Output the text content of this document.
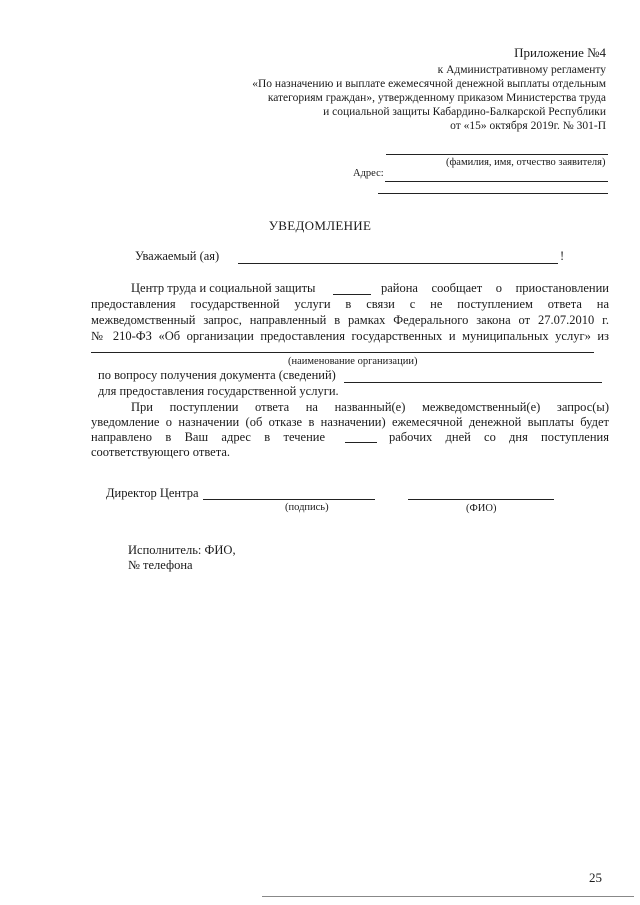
Приложение №4
к Административному регламенту
«По назначению и выплате ежемесячной денежной выплаты отдельным
категориям граждан», утвержденному приказом Министерства труда
и социальной защиты Кабардино-Балкарской Республики
от «15» октября 2019г. № 301-П
(фамилия, имя, отчество заявителя)
Адрес:
УВЕДОМЛЕНИЕ
Уважаемый (ая)	!
Центр труда и социальной защиты	района сообщает о приостановлении
предоставления государственной услуги в связи с не поступлением ответа на
межведомственный запрос, направленный в рамках Федерального закона от 27.07.2010 г.
№ 210-ФЗ «Об организации предоставления государственных и муниципальных услуг» из
(наименование организации)
по вопросу получения документа (сведений)
для предоставления государственной услуги.
При поступлении ответа на названный(е) межведомственный(е) запрос(ы)
уведомление о назначении (об отказе в назначении) ежемесячной денежной выплаты будет
направлено в Ваш адрес в течение	рабочих дней со дня поступления
соответствующего ответа.
Директор Центра
(подпись)	(ФИО)
Исполнитель: ФИО,
№ телефона
25
